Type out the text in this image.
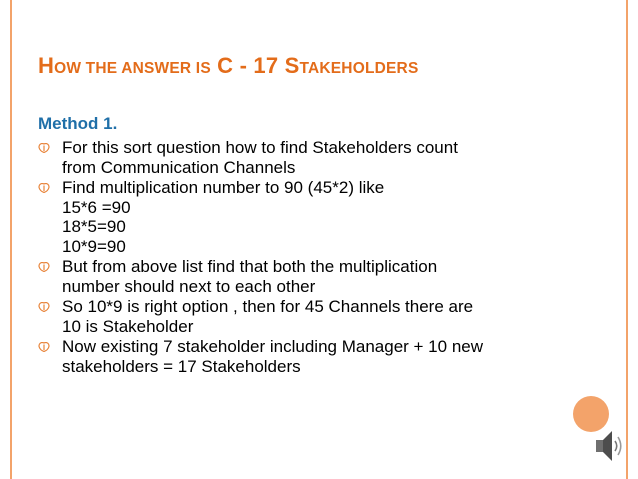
HOW THE ANSWER IS C - 17 STAKEHOLDERS

Method 1.

For this sort question how to find Stakeholders count
from Communication Channels
Find multiplication number to 90 (45*2) like
15*6 =90
18*5=90
10*9=90
But from above list find that both the multiplication
number should next to each other
So 10*9 is right option , then for 45 Channels there are
10 is Stakeholder
Now existing 7 stakeholder including Manager + 10 new
stakeholders = 17 Stakeholders
